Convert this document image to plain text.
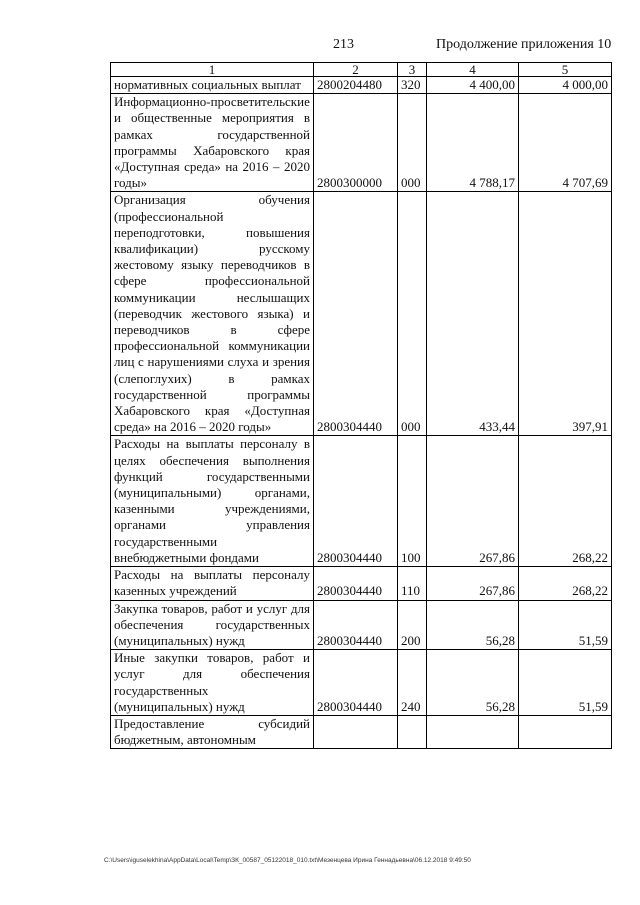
213	Продолжение приложения 10
1	2	3	4	5
нормативных социальных выплат	2800204480	320	4 400,00	4 000,00
Информационно-просветительские и общественные мероприятия в рамках государственной программы Хабаровского края «Доступная среда» на 2016 – 2020 годы»	2800300000	000	4 788,17	4 707,69
Организация обучения (профессиональной переподготовки, повышения квалификации) русскому жестовому языку переводчиков в сфере профессиональной коммуникации неслышащих (переводчик жестового языка) и переводчиков в сфере профессиональной коммуникации лиц с нарушениями слуха и зрения (слепоглухих) в рамках государственной программы Хабаровского края «Доступная среда» на 2016 – 2020 годы»	2800304440	000	433,44	397,91
Расходы на выплаты персоналу в целях обеспечения выполнения функций государственными (муниципальными) органами, казенными учреждениями, органами управления государственными внебюджетными фондами	2800304440	100	267,86	268,22
Расходы на выплаты персоналу казенных учреждений	2800304440	110	267,86	268,22
Закупка товаров, работ и услуг для обеспечения государственных (муниципальных) нужд	2800304440	200	56,28	51,59
Иные закупки товаров, работ и услуг для обеспечения государственных (муниципальных) нужд	2800304440	240	56,28	51,59
Предоставление субсидий бюджетным, автономным				
C:\Users\iguselekhina\AppData\Local\Temp\ЗК_00587_05122018_010.txt\Мезенцева Ирина Геннадьевна\06.12.2018 9:49:50
